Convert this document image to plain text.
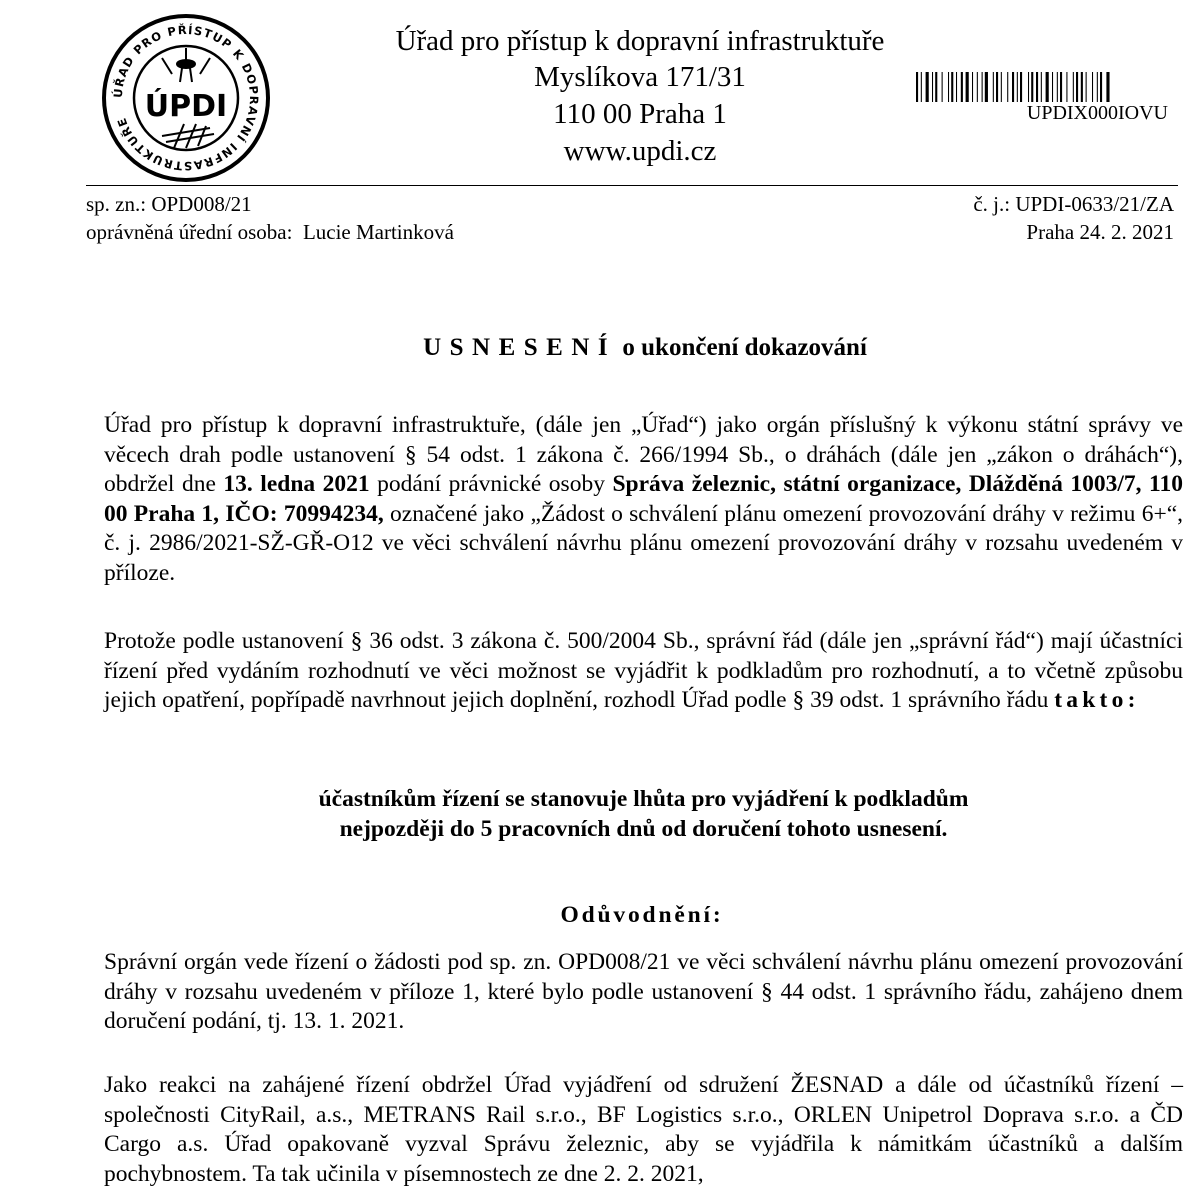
ÚŘAD PRO PŘÍSTUP K DOPRAVNÍ INFRASTRUKTUŘE ÚPDI
Úřad pro přístup k dopravní infrastruktuře
Myslíkova 171/31
110 00 Praha 1
www.updi.cz
UPDIX000IOVU
sp. zn.: OPD008/21
oprávněná úřední osoba: Lucie Martinková
č. j.: UPDI-0633/21/ZA
Praha 24. 2. 2021
USNESENÍ o ukončení dokazování
Úřad pro přístup k dopravní infrastruktuře, (dále jen „Úřad“) jako orgán příslušný k výkonu státní správy ve věcech drah podle ustanovení § 54 odst. 1 zákona č. 266/1994 Sb., o dráhách (dále jen „zákon o dráhách“), obdržel dne 13. ledna 2021 podání právnické osoby Správa železnic, státní organizace, Dlážděná 1003/7, 110 00 Praha 1, IČO: 70994234, označené jako „Žádost o schválení plánu omezení provozování dráhy v režimu 6+“, č. j. 2986/2021-SŽ-GŘ-O12 ve věci schválení návrhu plánu omezení provozování dráhy v rozsahu uvedeném v příloze.
Protože podle ustanovení § 36 odst. 3 zákona č. 500/2004 Sb., správní řád (dále jen „správní řád“) mají účastníci řízení před vydáním rozhodnutí ve věci možnost se vyjádřit k podkladům pro rozhodnutí, a to včetně způsobu jejich opatření, popřípadě navrhnout jejich doplnění, rozhodl Úřad podle § 39 odst. 1 správního řádu takto:
účastníkům řízení se stanovuje lhůta pro vyjádření k podkladům
nejpozději do 5 pracovních dnů od doručení tohoto usnesení.
Odůvodnění:
Správní orgán vede řízení o žádosti pod sp. zn. OPD008/21 ve věci schválení návrhu plánu omezení provozování dráhy v rozsahu uvedeném v příloze 1, které bylo podle ustanovení § 44 odst. 1 správního řádu, zahájeno dnem doručení podání, tj. 13. 1. 2021.
Jako reakci na zahájené řízení obdržel Úřad vyjádření od sdružení ŽESNAD a dále od účastníků řízení – společnosti CityRail, a.s., METRANS Rail s.r.o., BF Logistics s.r.o., ORLEN Unipetrol Doprava s.r.o. a ČD Cargo a.s. Úřad opakovaně vyzval Správu železnic, aby se vyjádřila k námitkám účastníků a dalším pochybnostem. Ta tak učinila v písemnostech ze dne 2. 2. 2021,
